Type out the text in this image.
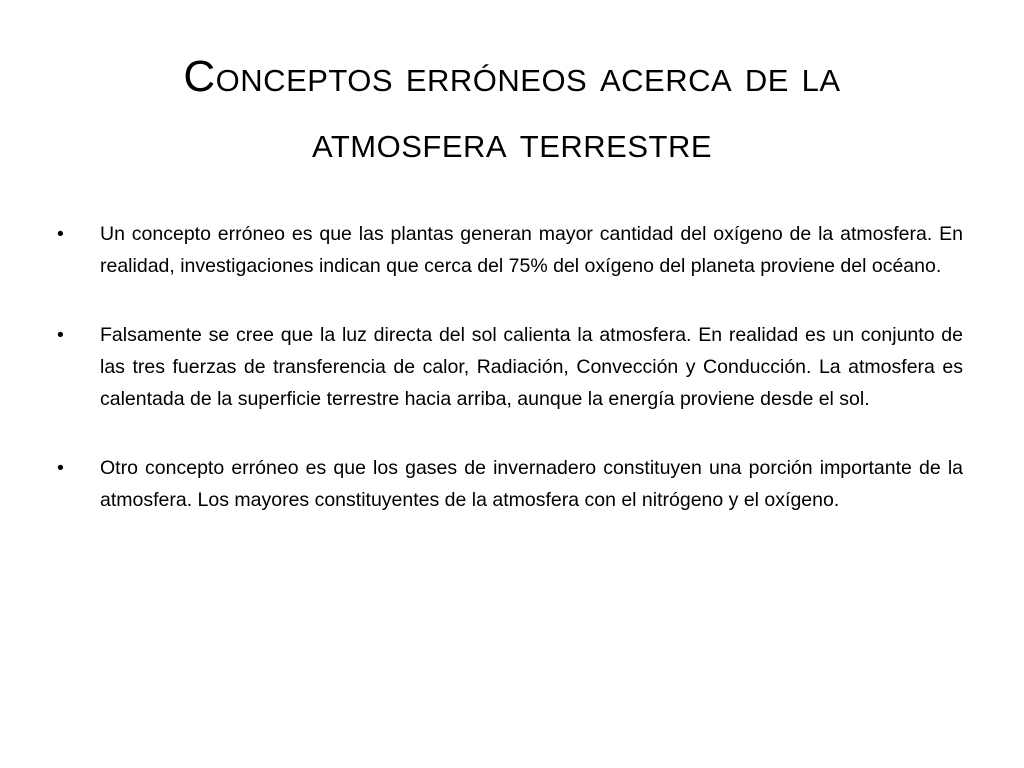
Conceptos erróneos acerca de la atmosfera terrestre
•	Un concepto erróneo es que las plantas generan mayor cantidad del oxígeno de la atmosfera. En realidad, investigaciones indican que cerca del 75% del oxígeno del planeta proviene del océano.
•	Falsamente se cree que la luz directa del sol calienta la atmosfera. En realidad es un conjunto de las tres fuerzas de transferencia de calor, Radiación, Convección y Conducción. La atmosfera es calentada de la superficie terrestre hacia arriba, aunque la energía proviene desde el sol.
•	Otro concepto erróneo es que los gases de invernadero constituyen una porción importante de la atmosfera. Los mayores constituyentes de la atmosfera con el nitrógeno y el oxígeno.
